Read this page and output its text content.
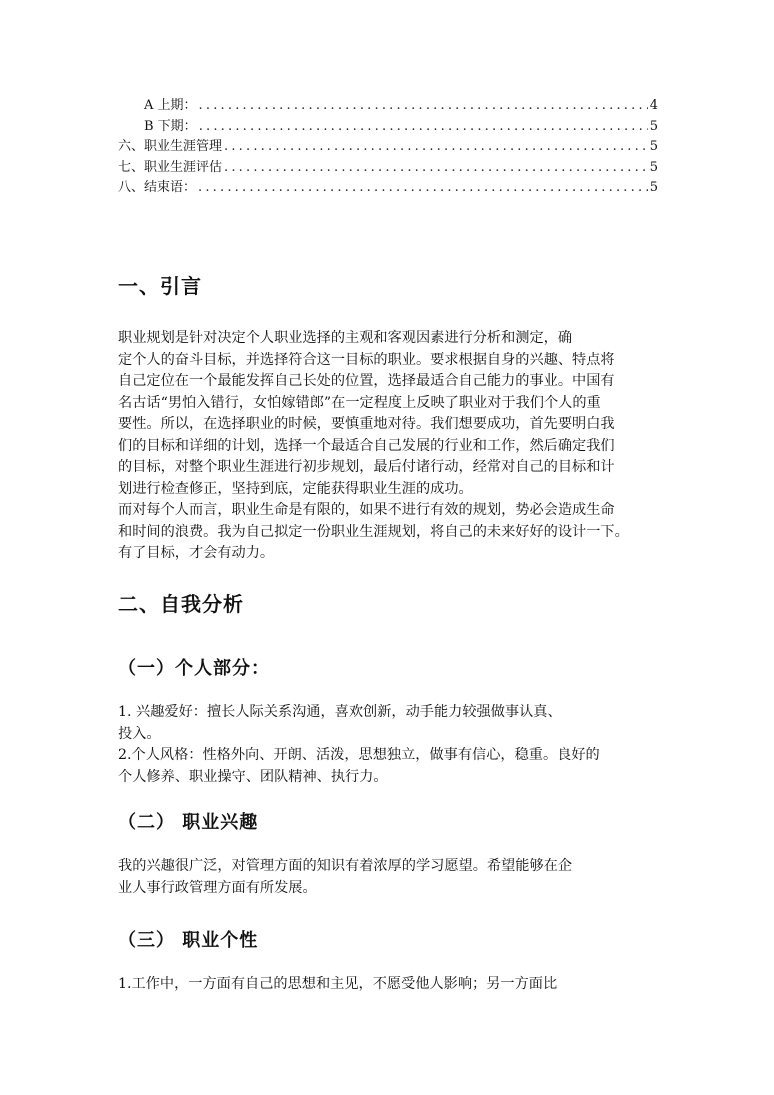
A 上期： .....	4
B 下期： .....	5
六、职业生涯管理 .....	5
七、职业生涯评估 .....	5
八、结束语： .....	5
一、引言
职业规划是针对决定个人职业选择的主观和客观因素进行分析和测定，确
定个人的奋斗目标，并选择符合这一目标的职业。要求根据自身的兴趣、特点将
自己定位在一个最能发挥自己长处的位置，选择最适合自己能力的事业。中国有
名古话“男怕入错行，女怕嫁错郎”在一定程度上反映了职业对于我们个人的重
要性。所以，在选择职业的时候，要慎重地对待。我们想要成功，首先要明白我
们的目标和详细的计划，选择一个最适合自己发展的行业和工作，然后确定我们
的目标，对整个职业生涯进行初步规划，最后付诸行动，经常对自己的目标和计
划进行检查修正，坚持到底，定能获得职业生涯的成功。
而对每个人而言，职业生命是有限的，如果不进行有效的规划，势必会造成生命
和时间的浪费。我为自己拟定一份职业生涯规划，将自己的未来好好的设计一下。
有了目标，才会有动力。
二、自我分析
（一）个人部分：
1. 兴趣爱好：擅长人际关系沟通，喜欢创新，动手能力较强做事认真、
投入。
2.个人风格：性格外向、开朗、活泼，思想独立，做事有信心，稳重。良好的
个人修养、职业操守、团队精神、执行力。
（二） 职业兴趣
我的兴趣很广泛，对管理方面的知识有着浓厚的学习愿望。希望能够在企
业人事行政管理方面有所发展。
（三） 职业个性
1.工作中，一方面有自己的思想和主见，不愿受他人影响；另一方面比
